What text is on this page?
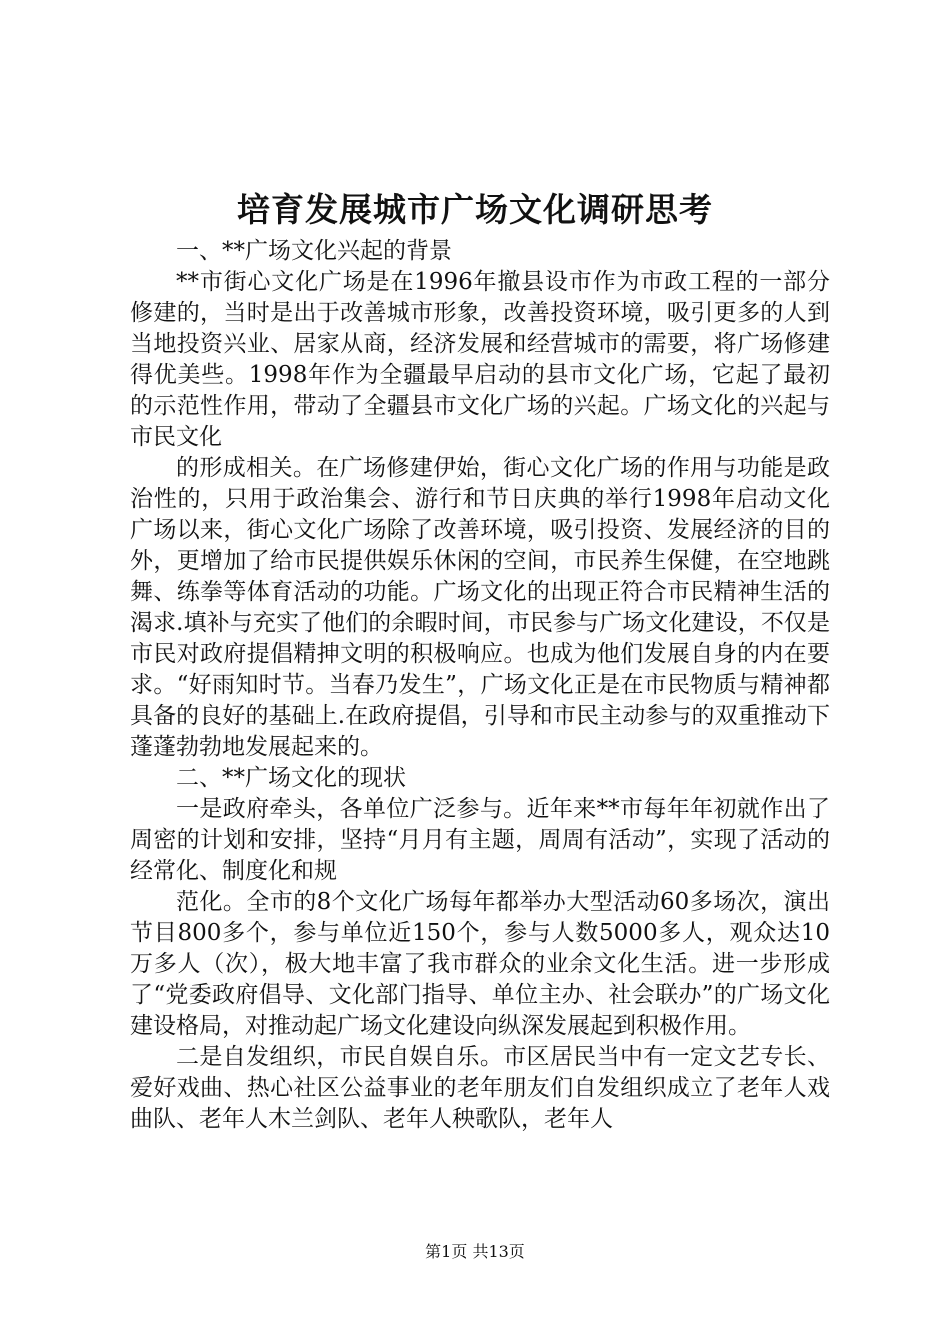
培育发展城市广场文化调研思考

一、**广场文化兴起的背景

**市街心文化广场是在1996年撤县设市作为市政工程的一部分修建的，当时是出于改善城市形象，改善投资环境，吸引更多的人到当地投资兴业、居家从商，经济发展和经营城市的需要，将广场修建得优美些。1998年作为全疆最早启动的县市文化广场，它起了最初的示范性作用，带动了全疆县市文化广场的兴起。广场文化的兴起与市民文化

的形成相关。在广场修建伊始，街心文化广场的作用与功能是政治性的，只用于政治集会、游行和节日庆典的举行1998年启动文化广场以来，街心文化广场除了改善环境，吸引投资、发展经济的目的外，更增加了给市民提供娱乐休闲的空间，市民养生保健，在空地跳舞、练拳等体育活动的功能。广场文化的出现正符合市民精神生活的渴求.填补与充实了他们的余暇时间，市民参与广场文化建设，不仅是市民对政府提倡精抻文明的积极响应。也成为他们发展自身的内在要求。“好雨知时节。当春乃发生”，广场文化正是在市民物质与精神都具备的良好的基础上.在政府提倡，引导和市民主动参与的双重推动下蓬蓬勃勃地发展起来的。

二、**广场文化的现状

一是政府牵头，各单位广泛参与。近年来**市每年年初就作出了周密的计划和安排，坚持“月月有主题，周周有活动”，实现了活动的经常化、制度化和规

范化。全市的8个文化广场每年都举办大型活动60多场次，演出节目800多个，参与单位近150个，参与人数5000多人，观众达10万多人（次），极大地丰富了我市群众的业余文化生活。进一步形成了“党委政府倡导、文化部门指导、单位主办、社会联办”的广场文化建设格局，对推动起广场文化建设向纵深发展起到积极作用。

二是自发组织，市民自娱自乐。市区居民当中有一定文艺专长、爱好戏曲、热心社区公益事业的老年朋友们自发组织成立了老年人戏曲队、老年人木兰剑队、老年人秧歌队，老年人

第1页 共13页
